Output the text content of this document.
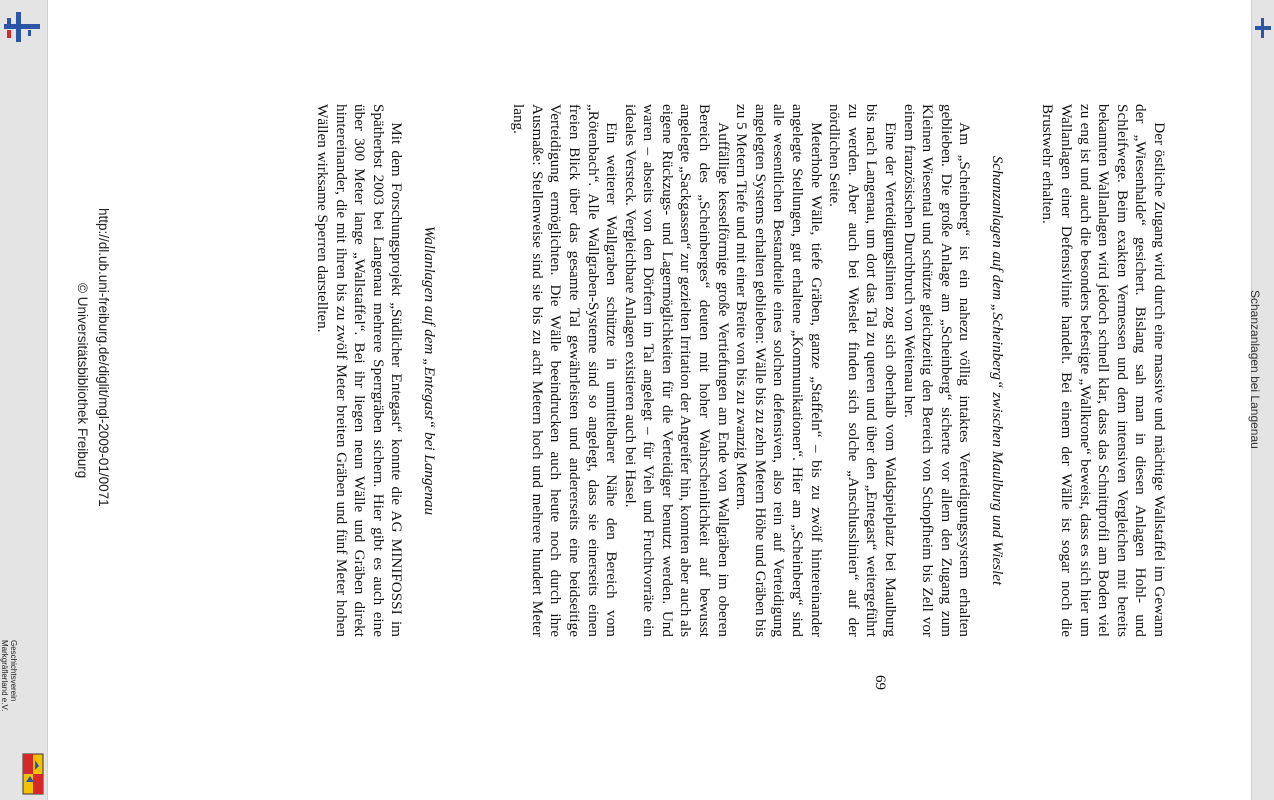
Schanzanlagen bei Langenau

Der östliche Zugang wird durch eine massive und mächtige Wallstaffel im Gewann der „Wiesenhalde“ gesichert. Bislang sah man in diesen Anlagen Hohl- und Schleifwege. Beim exakten Vermessen und dem intensiven Vergleichen mit bereits bekannten Wallanlagen wird jedoch schnell klar, dass das Schnittprofil am Boden viel zu eng ist und auch die besonders befestigte „Wallkrone“ beweist, dass es sich hier um Wallanlagen einer Defensivlinie handelt. Bei einem der Wälle ist sogar noch die Brustwehr erhalten.

Schanzanlagen auf dem „Scheinberg“ zwischen Maulburg und Wieslet

Am „Scheinberg“ ist ein nahezu völlig intaktes Verteidigungssystem erhalten geblieben. Die große Anlage am „Scheinberg“ sicherte vor allem den Zugang zum Kleinen Wiesental und schützte gleichzeitig den Bereich von Schopfheim bis Zell vor einem französischen Durchbruch von Weitenau her.

Eine der Verteidigungslinien zog sich oberhalb vom Waldspielplatz bei Maulburg bis nach Langenau, um dort das Tal zu queren und über den „Entegast“ weitergeführt zu werden. Aber auch bei Wieslet finden sich solche „Anschlusslinien“ auf der nördlichen Seite.

Meterhohe Wälle, tiefe Gräben, ganze „Staffeln“ – bis zu zwölf hintereinander angelegte Stellungen, gut erhaltene „Kommunikationen“. Hier am „Scheinberg“ sind alle wesentlichen Bestandteile eines solchen defensiven, also rein auf Verteidigung angelegten Systems erhalten geblieben: Wälle bis zu zehn Metern Höhe und Gräben bis zu 5 Metern Tiefe und mit einer Breite von bis zu zwanzig Metern.

Auffällige kesselförmige große Vertiefungen am Ende von Wallgräben im oberen Bereich des „Scheinberges“ deuten mit hoher Wahrscheinlichkeit auf bewusst angelegte „Sackgassen“ zur gezielten Irritation der Angreifer hin, konnten aber auch als eigene Rückzugs- und Lagermöglichkeiten für die Verteidiger benutzt werden. Und waren – abseits von den Dörfern im Tal angelegt – für Vieh und Fruchtvorräte ein ideales Versteck. Vergleichbare Anlagen existieren auch bei Hasel.

Ein weiterer Wallgraben schützte in unmittelbarer Nähe den Bereich vom „Rötenbach“. Alle Wallgraben-Systeme sind so angelegt, dass sie einerseits einen freien Blick über das gesamte Tal gewährleisten und andererseits eine beidseitige Verteidigung ermöglichten. Die Wälle beeindrucken auch heute noch durch ihre Ausmaße: Stellenweise sind sie bis zu acht Metern hoch und mehrere hundert Meter lang.

Wallanlagen auf dem „Entegast“ bei Langenau

Mit dem Forschungsprojekt „Südlicher Entegast“ konnte die AG MINIFOSSI im Spätherbst 2003 bei Langenau mehrere Sperrgräben sichern. Hier gibt es auch eine über 300 Meter lange „Wallstaffel“. Bei ihr liegen neun Wälle und Gräben direkt hintereinander, die mit ihren bis zu zwölf Meter breiten Gräben und fünf Meter hohen Wällen wirksame Sperren darstellten.

69
http://dl.ub.uni-freiburg.de/diglit/mgl-2009-01/0071
© Universitätsbibliothek Freiburg
Geschichtsverein
Markgräflerland e.V.
